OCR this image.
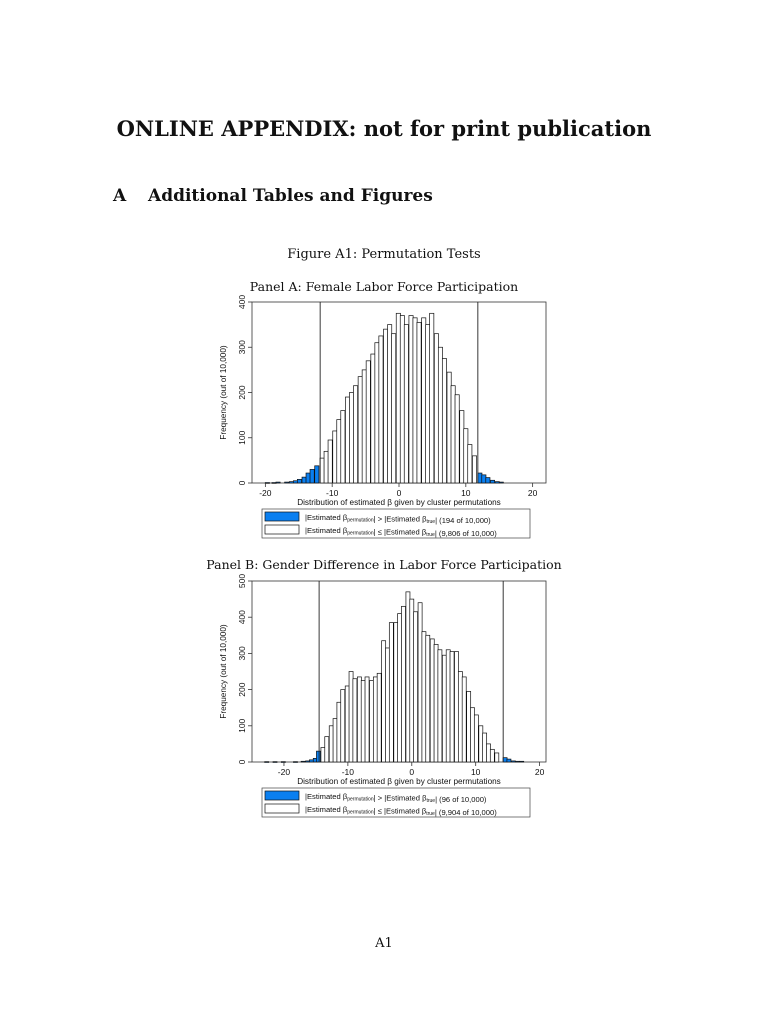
ONLINE APPENDIX: not for print publication
A Additional Tables and Figures
Figure A1: Permutation Tests
Panel A: Female Labor Force Participation
-20	-10	0	10	20
0
100
200
300
400
Distribution of estimated β given by cluster permutations
Frequency (out of 10,000)
|Estimated βpermutation| > |Estimated βtrue| (194 of 10,000)
|Estimated βpermutation| ≤ |Estimated βtrue| (9,806 of 10,000)
Panel B: Gender Difference in Labor Force Participation
-20	-10	0	10	20
0
100
200
300
400
500
Distribution of estimated β given by cluster permutations
Frequency (out of 10,000)
|Estimated βpermutation| > |Estimated βtrue| (96 of 10,000)
|Estimated βpermutation| ≤ |Estimated βtrue| (9,904 of 10,000)
A1
